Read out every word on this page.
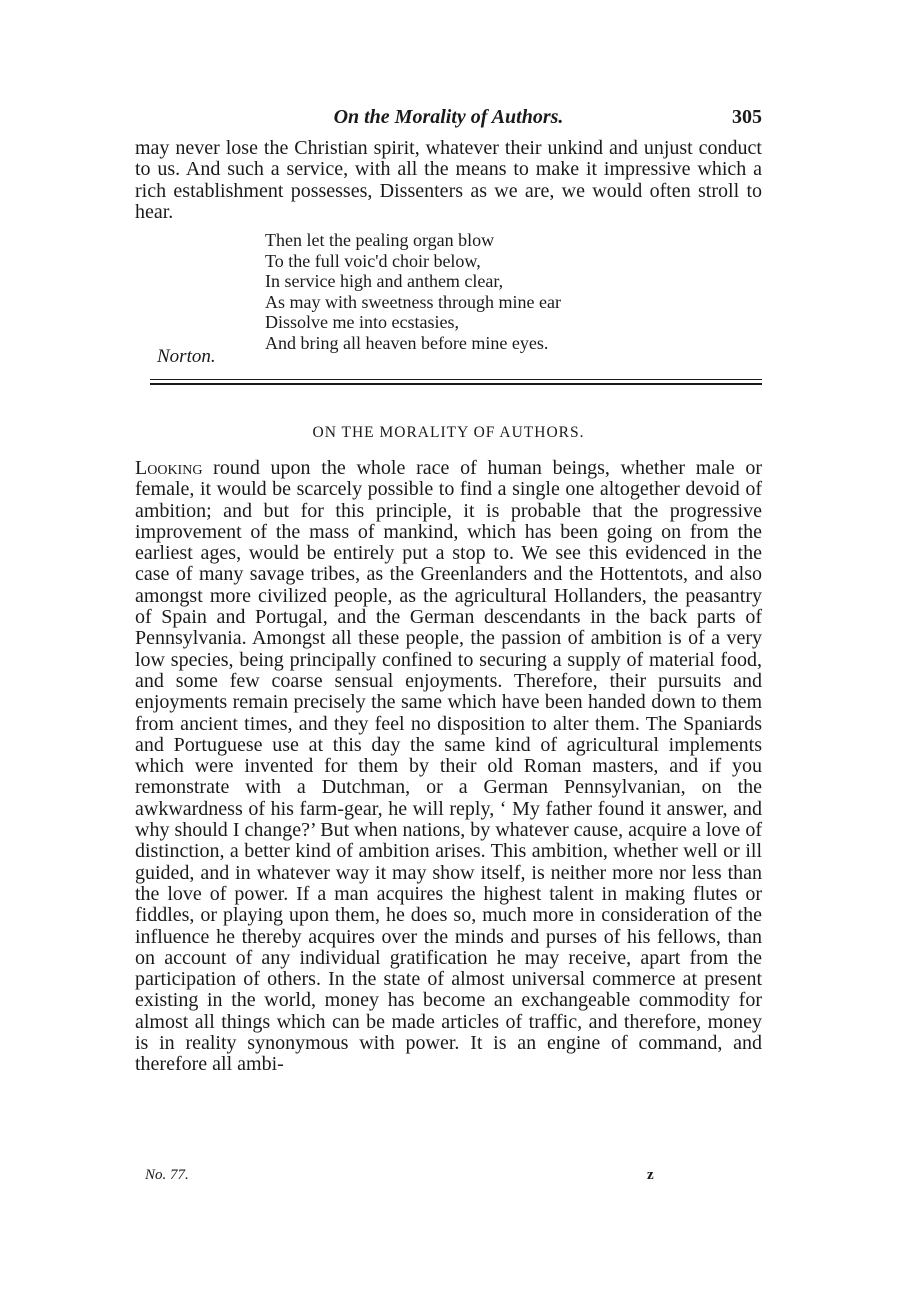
On the Morality of Authors.	305

may never lose the Christian spirit, whatever their unkind and unjust conduct to us. And such a service, with all the means to make it impressive which a rich establishment possesses, Dissenters as we are, we would often stroll to hear.

Then let the pealing organ blow
To the full voic'd choir below,
In service high and anthem clear,
As may with sweetness through mine ear
Dissolve me into ecstasies,
And bring all heaven before mine eyes.
Norton.
ON THE MORALITY OF AUTHORS.

Looking round upon the whole race of human beings, whether male or female, it would be scarcely possible to find a single one altogether devoid of ambition; and but for this principle, it is probable that the progressive improvement of the mass of mankind, which has been going on from the earliest ages, would be entirely put a stop to. We see this evidenced in the case of many savage tribes, as the Greenlanders and the Hottentots, and also amongst more civilized people, as the agricultural Hollanders, the peasantry of Spain and Portugal, and the German descendants in the back parts of Pennsylvania. Amongst all these people, the passion of ambition is of a very low species, being principally confined to securing a supply of material food, and some few coarse sensual enjoyments. Therefore, their pursuits and enjoyments remain precisely the same which have been handed down to them from ancient times, and they feel no disposition to alter them. The Spaniards and Portuguese use at this day the same kind of agricultural implements which were invented for them by their old Roman masters, and if you remonstrate with a Dutchman, or a German Pennsylvanian, on the awkwardness of his farm-gear, he will reply, ‘ My father found it answer, and why should I change?’ But when nations, by whatever cause, acquire a love of distinction, a better kind of ambition arises. This ambition, whether well or ill guided, and in whatever way it may show itself, is neither more nor less than the love of power. If a man acquires the highest talent in making flutes or fiddles, or playing upon them, he does so, much more in consideration of the influence he thereby acquires over the minds and purses of his fellows, than on account of any individual gratification he may receive, apart from the participation of others. In the state of almost universal commerce at present existing in the world, money has become an exchangeable commodity for almost all things which can be made articles of traffic, and therefore, money is in reality synonymous with power. It is an engine of command, and therefore all ambi-

No. 77.	z
